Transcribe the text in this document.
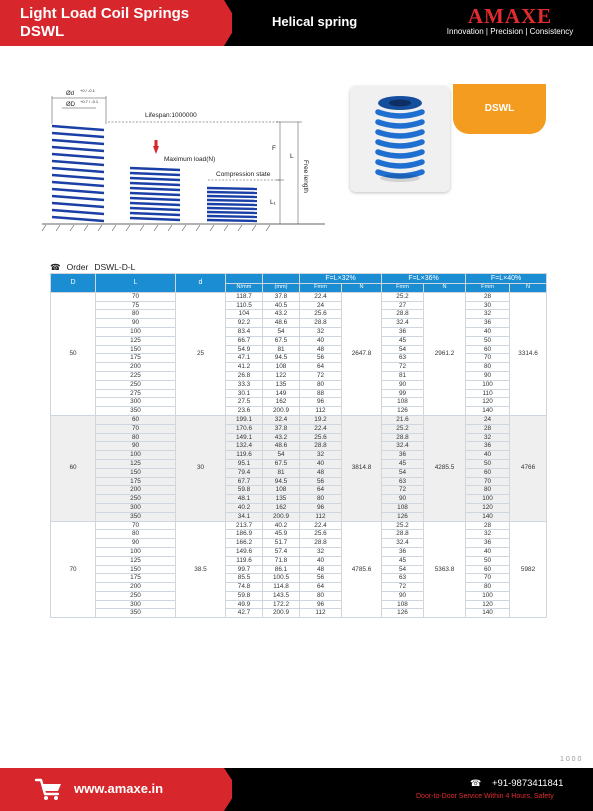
Light Load Coil Springs
DSWL
Helical spring	AMAXE
Innovation | Precision | Consistency
Ød
+0 / -0.1
ØD
+0.7 / -0.1
Lifespan:1000000
Maximum load(N)
Compression state
F
L₁
L
Free length
DSWL
☎ Order DSWL-D-L
D	L	d			F=L×32%		F=L×36%		F=L×40%		@￥/P
			N/mm	(mm)	Fmm	N	Fmm	N	Fmm	N	
50	70	25	118.7	37.8	22.4	2647.8	25.2	2961.2	28	3314.6	
	75		110.5	40.5	24		27		30		
	80		104	43.2	25.6		28.8		32		
	90		92.2	48.6	28.8		32.4		36		
	100		83.4	54	32		36		40		
	125		66.7	67.5	40		45		50		
	150		54.9	81	48		54		60		
	175		47.1	94.5	56		63		70		
	200		41.2	108	64		72		80		
	225		26.8	122	72		81		90		
	250		33.3	135	80		90		100		
	275		30.1	149	88		99		110		
	300		27.5	162	96		108		120		
	350		23.6	200.9	112		126		140		
60	60	30	199.1	32.4	19.2	3814.8	21.6	4285.5	24	4766	
	70		170.6	37.8	22.4		25.2		28		
	80		149.1	43.2	25.6		28.8		32		
	90		132.4	48.6	28.8		32.4		36		
	100		119.6	54	32		36		40		
	125		95.1	67.5	40		45		50		
	150		79.4	81	48		54		60		
	175		67.7	94.5	56		63		70		
	200		59.8	108	64		72		80		
	250		48.1	135	80		90		100		
	300		40.2	162	96		108		120		
	350		34.1	200.9	112		126		140		
70	70	38.5	213.7	40.2	22.4	4785.6	25.2	5363.8	28	5982	
	80		186.9	45.9	25.6		28.8		32		
	90		166.2	51.7	28.8		32.4		36		
	100		149.6	57.4	32		36		40		
	125		119.6	71.8	40		45		50		
	150		99.7	86.1	48		54		60		
	175		85.5	100.5	56		63		70		
	200		74.8	114.8	64		72		80		
	250		59.8	143.5	80		90		100		
	300		49.9	172.2	96		108		120		
	350		42.7	200.9	112		126		140		
1 0 0 0
www.amaxe.in	☎ +91-9873411841
Door-to-Door Service Within 4 Hours, Safety
